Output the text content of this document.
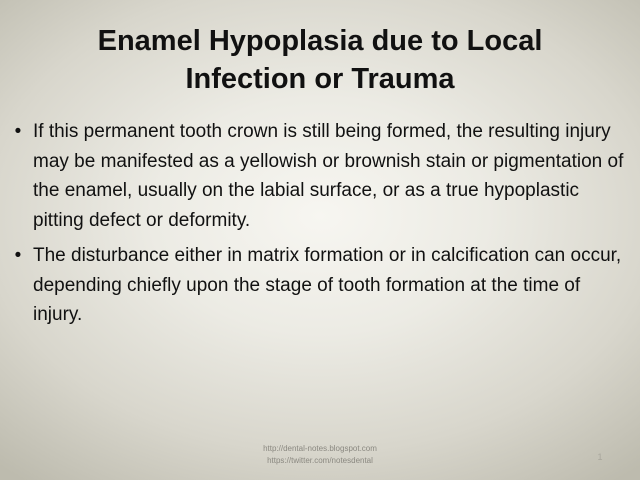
Enamel Hypoplasia due to Local
Infection or Trauma
• If this permanent tooth crown is still being formed, the resulting injury may be manifested as a yellowish or brownish stain or pigmentation of the enamel, usually on the labial surface, or as a true hypoplastic pitting defect or deformity.
• The disturbance either in matrix formation or in calcification can occur, depending chiefly upon the stage of tooth formation at the time of injury.
http://dental-notes.blogspot.com
https://twitter.com/notesdental	1
